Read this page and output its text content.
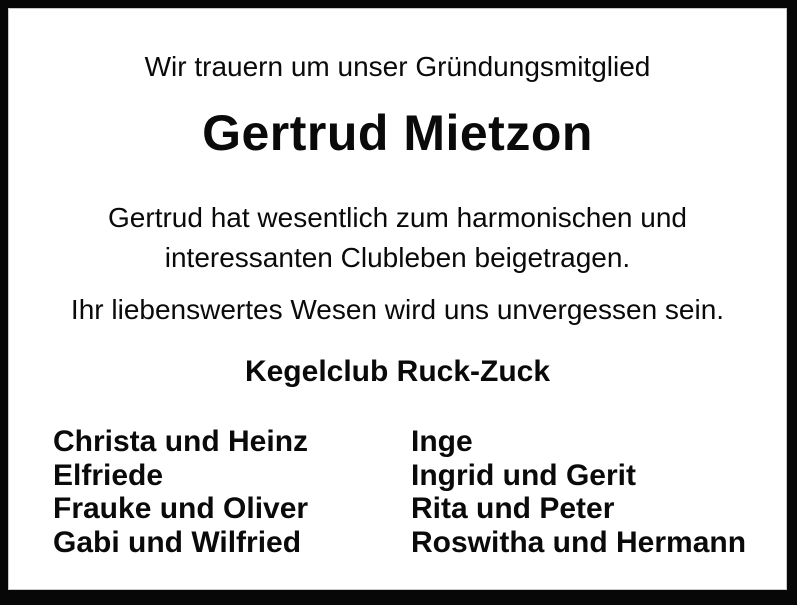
Wir trauern um unser Gründungsmitglied

Gertrud Mietzon

Gertrud hat wesentlich zum harmonischen und
interessanten Clubleben beigetragen.

Ihr liebenswertes Wesen wird uns unvergessen sein.

Kegelclub Ruck-Zuck

Christa und Heinz
Elfriede
Frauke und Oliver
Gabi und Wilfried
Inge
Ingrid und Gerit
Rita und Peter
Roswitha und Hermann
